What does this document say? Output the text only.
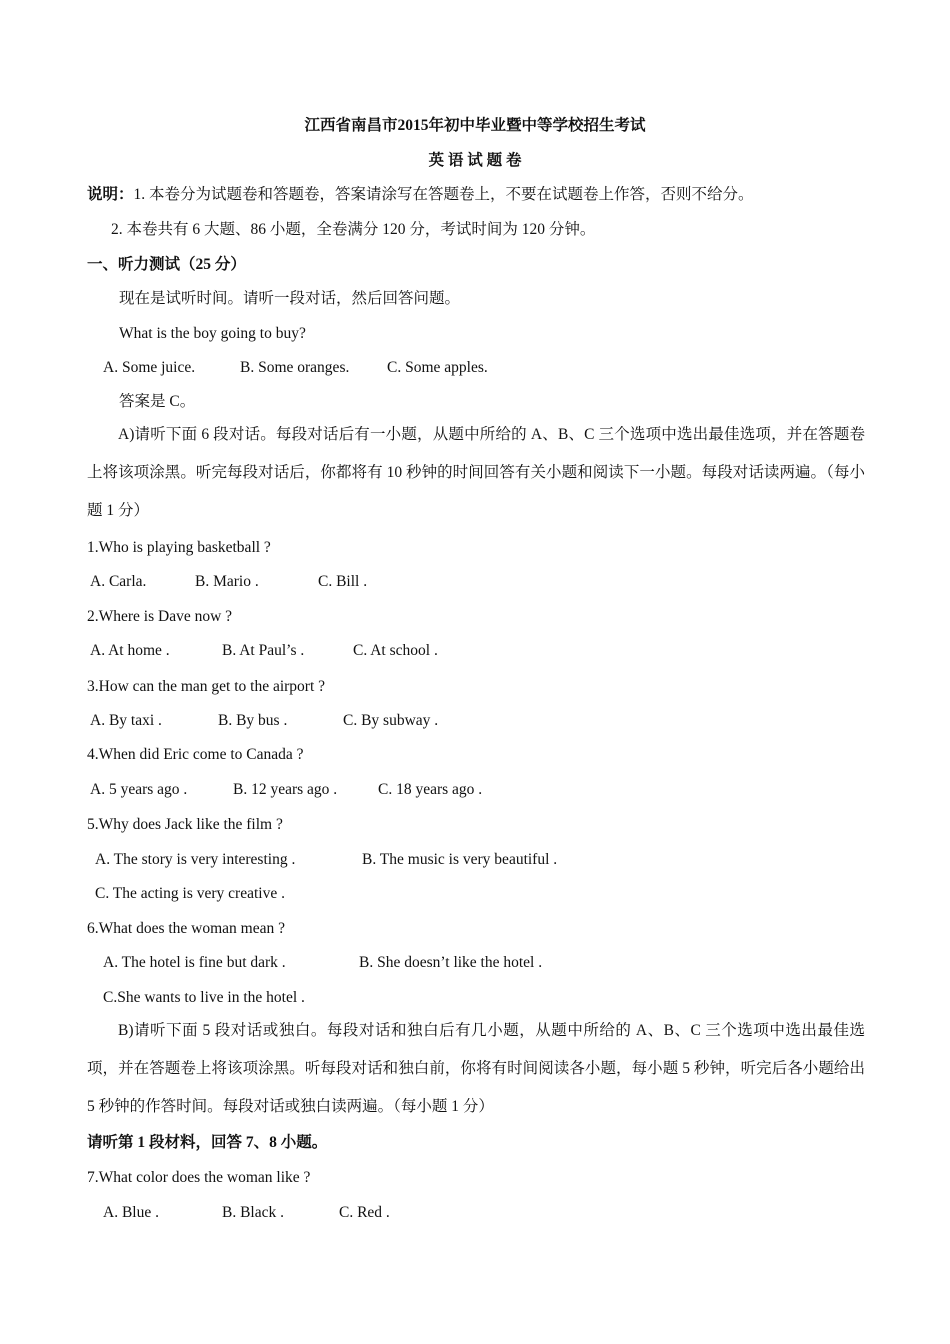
江西省南昌市2015年初中毕业暨中等学校招生考试
英 语 试 题 卷
说明：1. 本卷分为试题卷和答题卷，答案请涂写在答题卷上，不要在试题卷上作答，否则不给分。
2. 本卷共有 6 大题、86 小题，全卷满分 120 分，考试时间为 120 分钟。
一、听力测试（25 分）
现在是试听时间。请听一段对话，然后回答问题。
What is the boy going to buy?
A. Some juice.	B. Some oranges. C. Some apples.
答案是 C。
A)请听下面 6 段对话。每段对话后有一小题，从题中所给的 A、B、C 三个选项中选出最佳选项，并在答题卷上将该项涂黑。听完每段对话后，你都将有 10 秒钟的时间回答有关小题和阅读下一小题。每段对话读两遍。（每小题 1 分）
1.Who is playing basketball ?
A. Carla.	B. Mario .	C. Bill .
2.Where is Dave now ?
A. At home .	B. At Paul’s .	C. At school .
3.How can the man get to the airport ?
A. By taxi .	B. By bus .	C. By subway .
4.When did Eric come to Canada ?
A. 5 years ago .	B. 12 years ago .	C. 18 years ago .
5.Why does Jack like the film ?
A. The story is very interesting .	B. The music is very beautiful .
C. The acting is very creative .
6.What does the woman mean ?
A. The hotel is fine but dark .	B. She doesn’t like the hotel .
C.She wants to live in the hotel .
B)请听下面 5 段对话或独白。每段对话和独白后有几小题，从题中所给的 A、B、C 三个选项中选出最佳选项，并在答题卷上将该项涂黑。听每段对话和独白前，你将有时间阅读各小题，每小题 5 秒钟，听完后各小题给出 5 秒钟的作答时间。每段对话或独白读两遍。（每小题 1 分）
请听第 1 段材料，回答 7、8 小题。
7.What color does the woman like ?
A. Blue .	B. Black .	C. Red .
